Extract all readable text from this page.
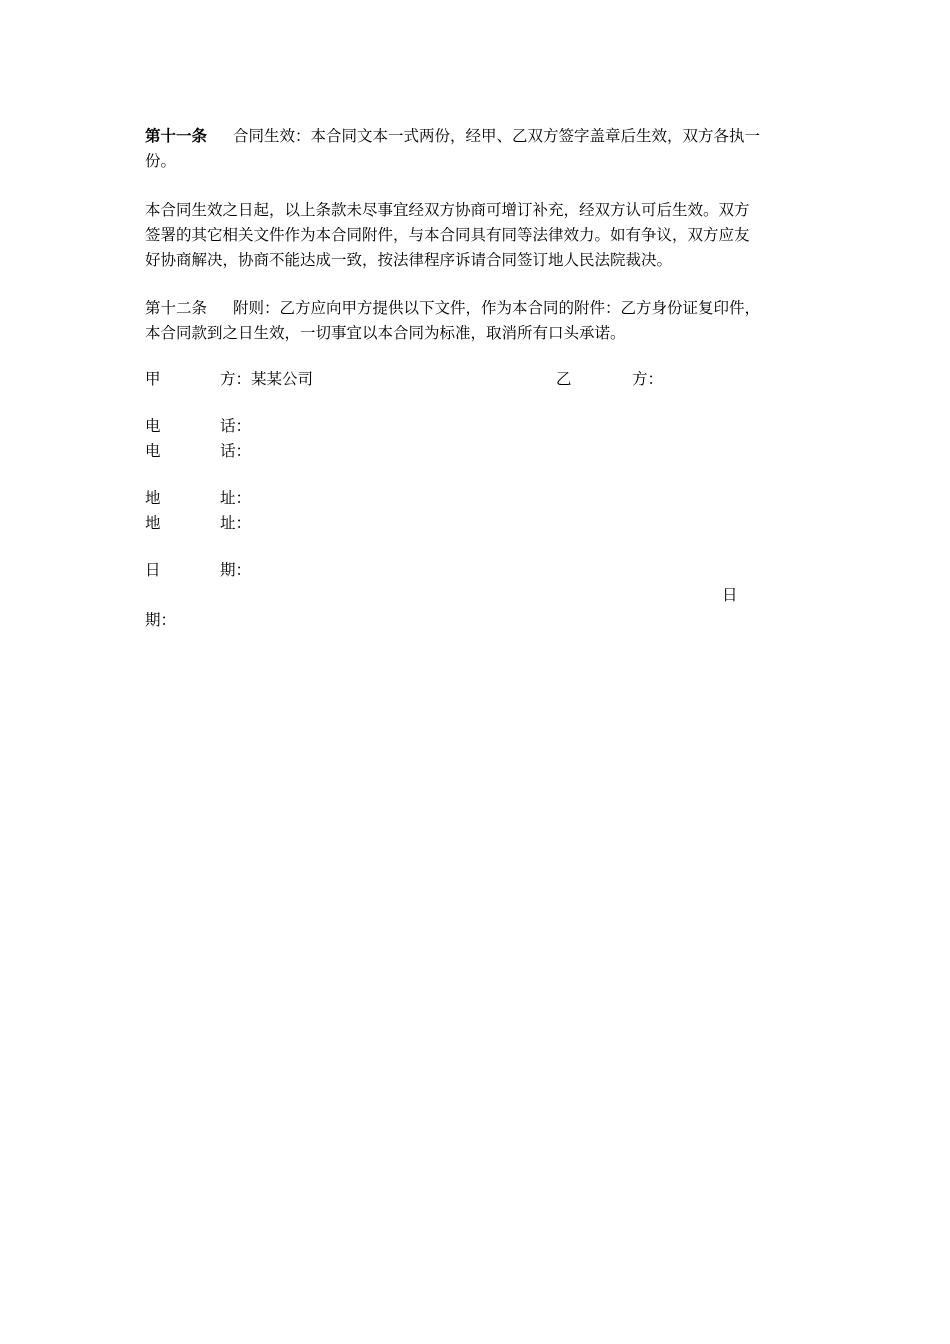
第十一条 合同生效：本合同文本一式两份，经甲、乙双方签字盖章后生效，双方各执一
份。
本合同生效之日起，以上条款未尽事宜经双方协商可增订补充，经双方认可后生效。双方
签署的其它相关文件作为本合同附件，与本合同具有同等法律效力。如有争议，双方应友
好协商解决，协商不能达成一致，按法律程序诉请合同签订地人民法院裁决。
第十二条 附则：乙方应向甲方提供以下文件，作为本合同的附件：乙方身份证复印件，
本合同款到之日生效，一切事宜以本合同为标准，取消所有口头承诺。
甲	方：某某公司	乙	方：
电	话：
电	话：
地	址：
地	址：
日	期：
日
期：
